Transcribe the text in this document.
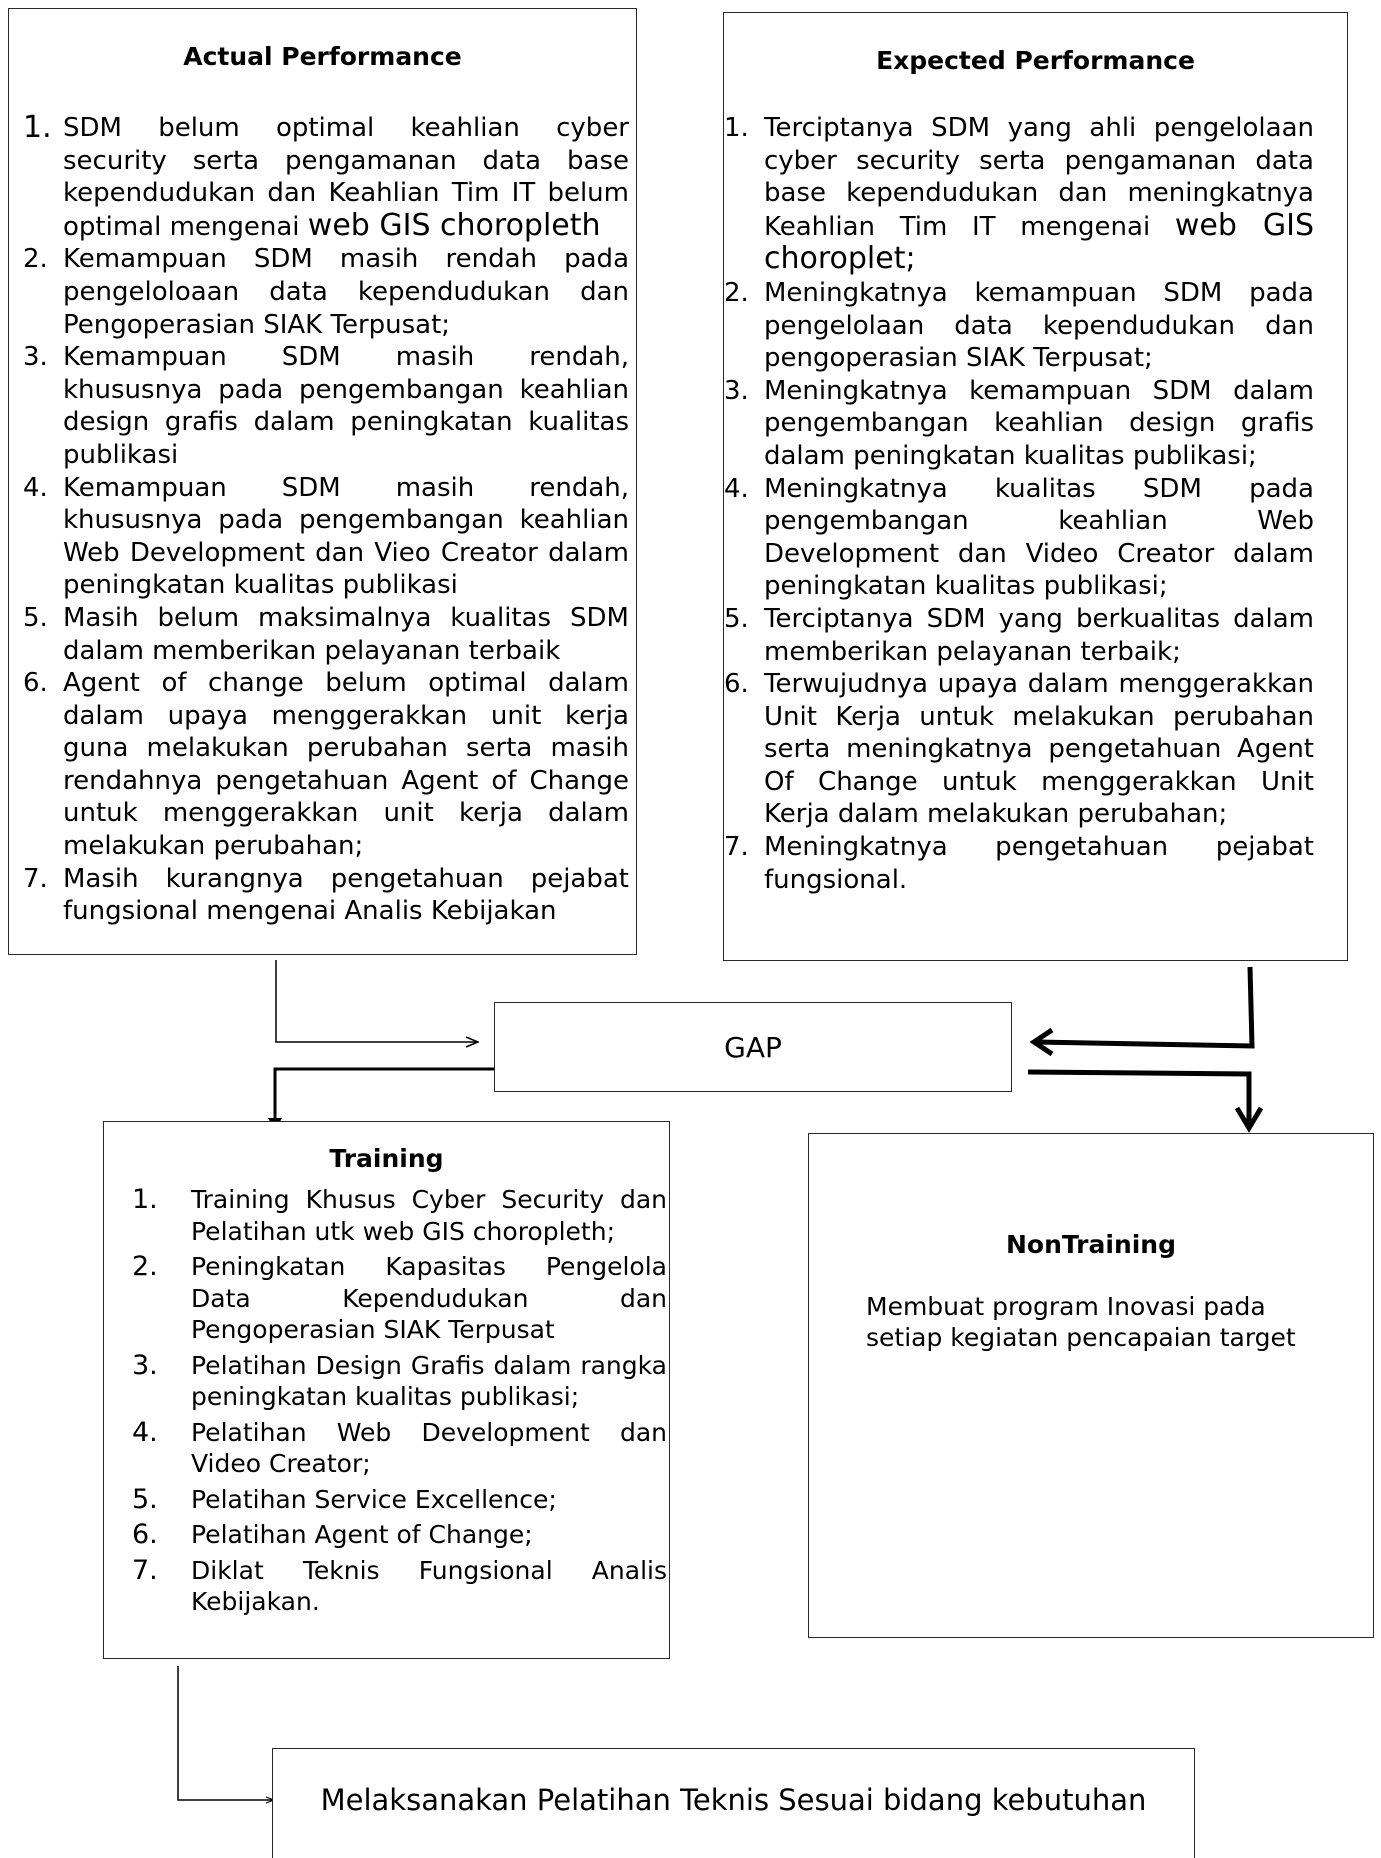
Actual Performance
1. SDM belum optimal keahlian cyber security serta pengamanan data base kependudukan dan Keahlian Tim IT belum optimal mengenai web GIS choropleth
2. Kemampuan SDM masih rendah pada pengeloloaan data kependudukan dan Pengoperasian SIAK Terpusat;
3. Kemampuan SDM masih rendah, khususnya pada pengembangan keahlian design grafis dalam peningkatan kualitas publikasi
4. Kemampuan SDM masih rendah, khususnya pada pengembangan keahlian Web Development dan Vieo Creator dalam peningkatan kualitas publikasi
5. Masih belum maksimalnya kualitas SDM dalam memberikan pelayanan terbaik
6. Agent of change belum optimal dalam dalam upaya menggerakkan unit kerja guna melakukan perubahan serta masih rendahnya pengetahuan Agent of Change untuk menggerakkan unit kerja dalam melakukan perubahan;
7. Masih kurangnya pengetahuan pejabat fungsional mengenai Analis Kebijakan
Expected Performance
1. Terciptanya SDM yang ahli pengelolaan cyber security serta pengamanan data base kependudukan dan meningkatnya Keahlian Tim IT mengenai web GIS choroplet;
2. Meningkatnya kemampuan SDM pada pengelolaan data kependudukan dan pengoperasian SIAK Terpusat;
3. Meningkatnya kemampuan SDM dalam pengembangan keahlian design grafis dalam peningkatan kualitas publikasi;
4. Meningkatnya kualitas SDM pada pengembangan keahlian Web Development dan Video Creator dalam peningkatan kualitas publikasi;
5. Terciptanya SDM yang berkualitas dalam memberikan pelayanan terbaik;
6. Terwujudnya upaya dalam menggerakkan Unit Kerja untuk melakukan perubahan serta meningkatnya pengetahuan Agent Of Change untuk menggerakkan Unit Kerja dalam melakukan perubahan;
7. Meningkatnya pengetahuan pejabat fungsional.
GAP
Training
1. Training Khusus Cyber Security dan Pelatihan utk web GIS choropleth;
2. Peningkatan Kapasitas Pengelola Data Kependudukan dan Pengoperasian SIAK Terpusat
3. Pelatihan Design Grafis dalam rangka peningkatan kualitas publikasi;
4. Pelatihan Web Development dan Video Creator;
5. Pelatihan Service Excellence;
6. Pelatihan Agent of Change;
7. Diklat Teknis Fungsional Analis Kebijakan.
NonTraining
Membuat program Inovasi pada setiap kegiatan pencapaian target
Melaksanakan Pelatihan Teknis Sesuai bidang kebutuhan
